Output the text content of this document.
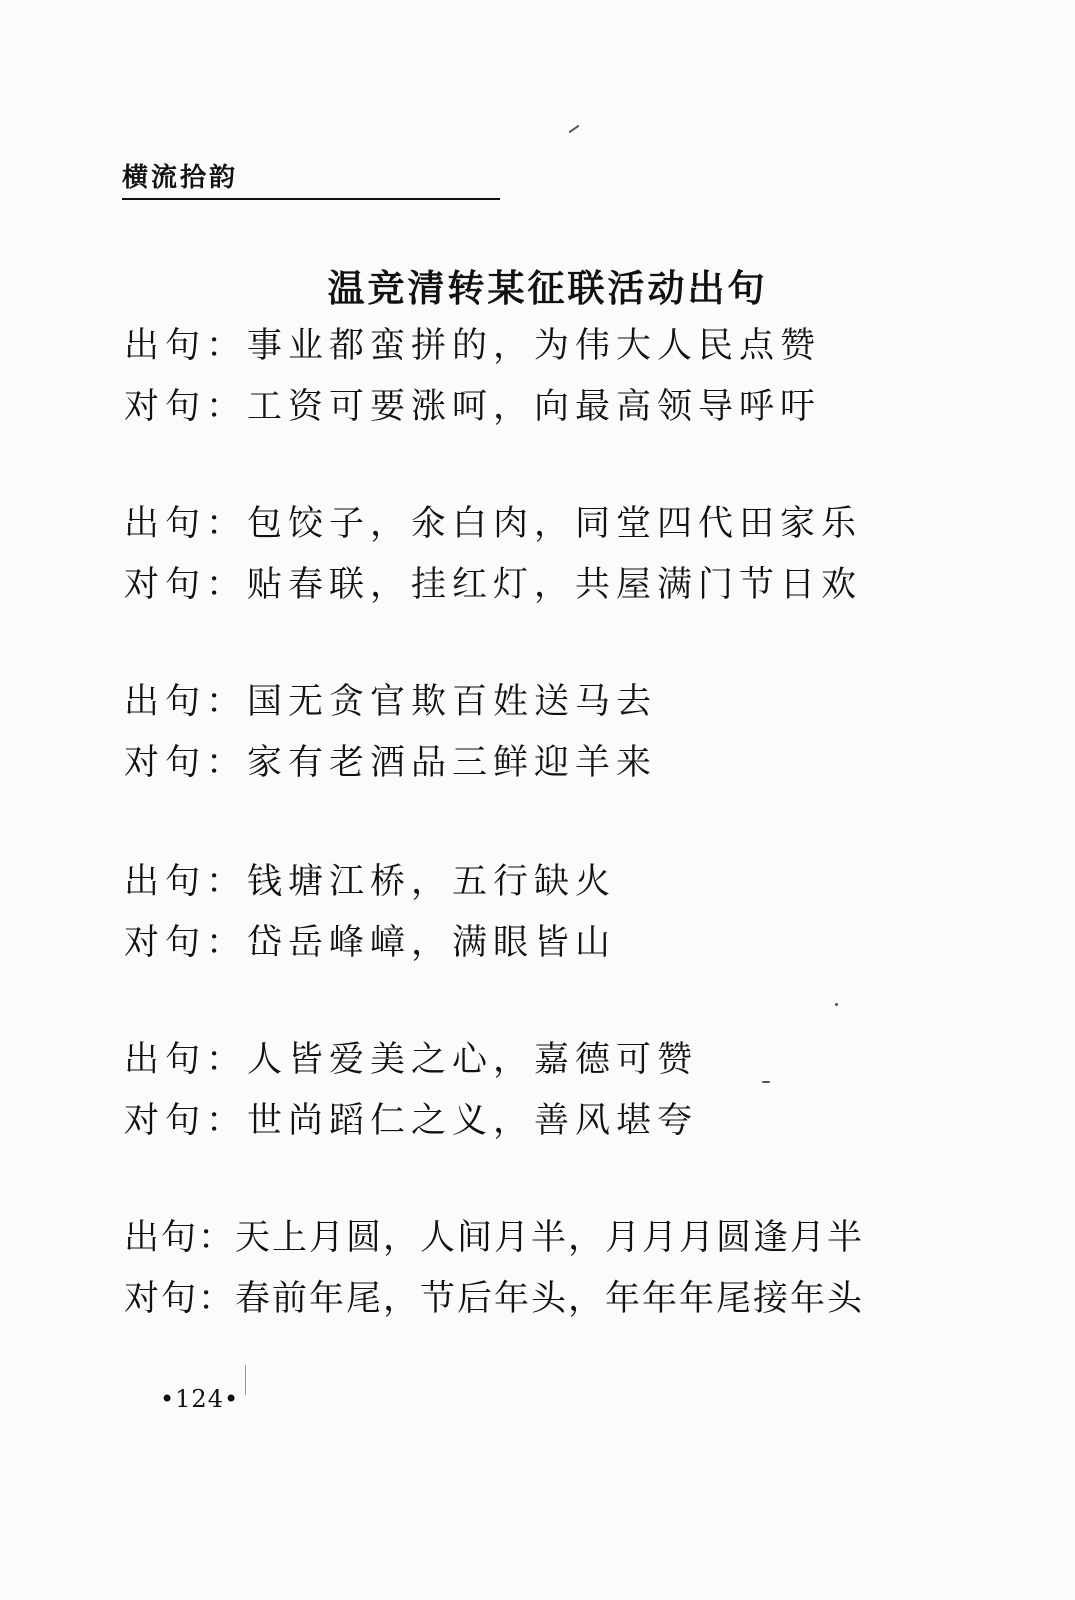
横流拾韵
温竞清转某征联活动出句
出句：事业都蛮拼的，为伟大人民点赞
对句：工资可要涨呵，向最高领导呼吁
出句：包饺子，氽白肉，同堂四代田家乐
对句：贴春联，挂红灯，共屋满门节日欢
出句：国无贪官欺百姓送马去
对句：家有老酒品三鲜迎羊来
出句：钱塘江桥，五行缺火
对句：岱岳峰嶂，满眼皆山
出句：人皆爱美之心，嘉德可赞
对句：世尚蹈仁之义，善风堪夸
出句：天上月圆，人间月半，月月月圆逢月半
对句：春前年尾，节后年头，年年年尾接年头
•124•
